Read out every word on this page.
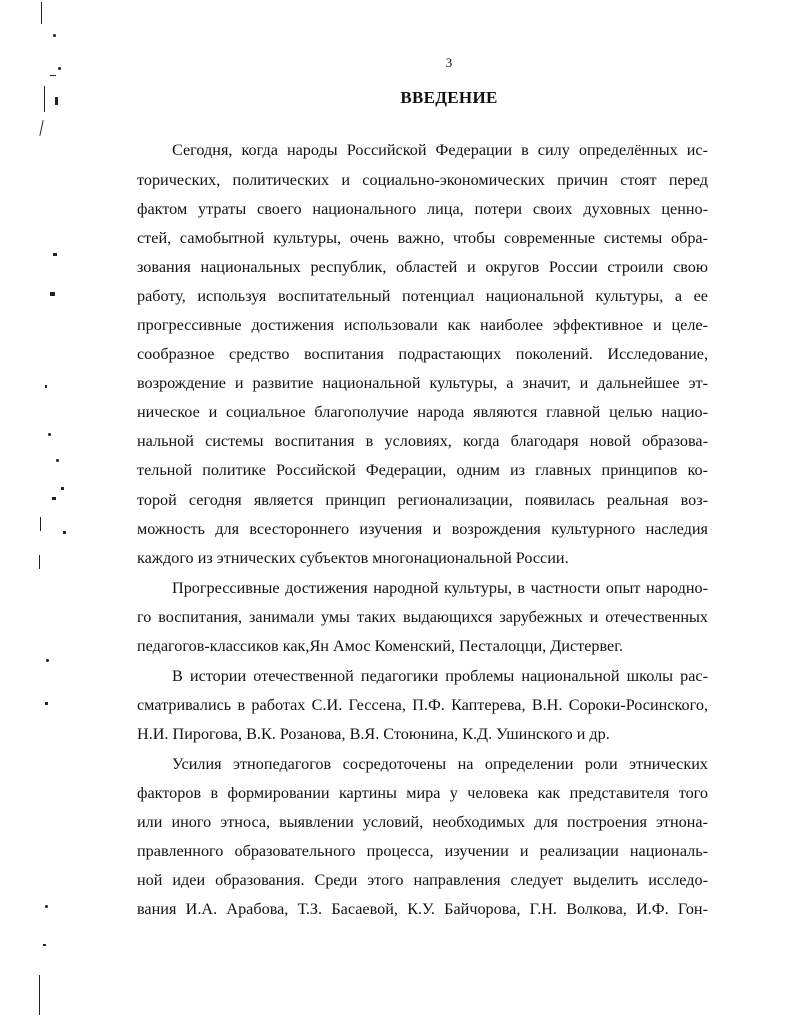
3
ВВЕДЕНИЕ
Сегодня, когда народы Российской Федерации в силу определённых ис-
торических, политических и социально-экономических причин стоят перед
фактом утраты своего национального лица, потери своих духовных ценно-
стей, самобытной культуры, очень важно, чтобы современные системы обра-
зования национальных республик, областей и округов России строили свою
работу, используя воспитательный потенциал национальной культуры, а ее
прогрессивные достижения использовали как наиболее эффективное и целе-
сообразное средство воспитания подрастающих поколений. Исследование,
возрождение и развитие национальной культуры, а значит, и дальнейшее эт-
ническое и социальное благополучие народа являются главной целью нацио-
нальной системы воспитания в условиях, когда благодаря новой образова-
тельной политике Российской Федерации, одним из главных принципов ко-
торой сегодня является принцип регионализации, появилась реальная воз-
можность для всестороннего изучения и возрождения культурного наследия
каждого из этнических субъектов многонациональной России.
Прогрессивные достижения народной культуры, в частности опыт народно-
го воспитания, занимали умы таких выдающихся зарубежных и отечественных
педагогов-классиков как,Ян Амос Коменский, Песталоцци, Дистервег.
В истории отечественной педагогики проблемы национальной школы рас-
сматривались в работах С.И. Гессена, П.Ф. Каптерева, В.Н. Сороки-Росинского,
Н.И. Пирогова, В.К. Розанова, В.Я. Стоюнина, К.Д. Ушинского и др.
Усилия этнопедагогов сосредоточены на определении роли этнических
факторов в формировании картины мира у человека как представителя того
или иного этноса, выявлении условий, необходимых для построения этнона-
правленного образовательного процесса, изучении и реализации националь-
ной идеи образования. Среди этого направления следует выделить исследо-
вания И.А. Арабова, Т.З. Басаевой, К.У. Байчорова, Г.Н. Волкова, И.Ф. Гон-
